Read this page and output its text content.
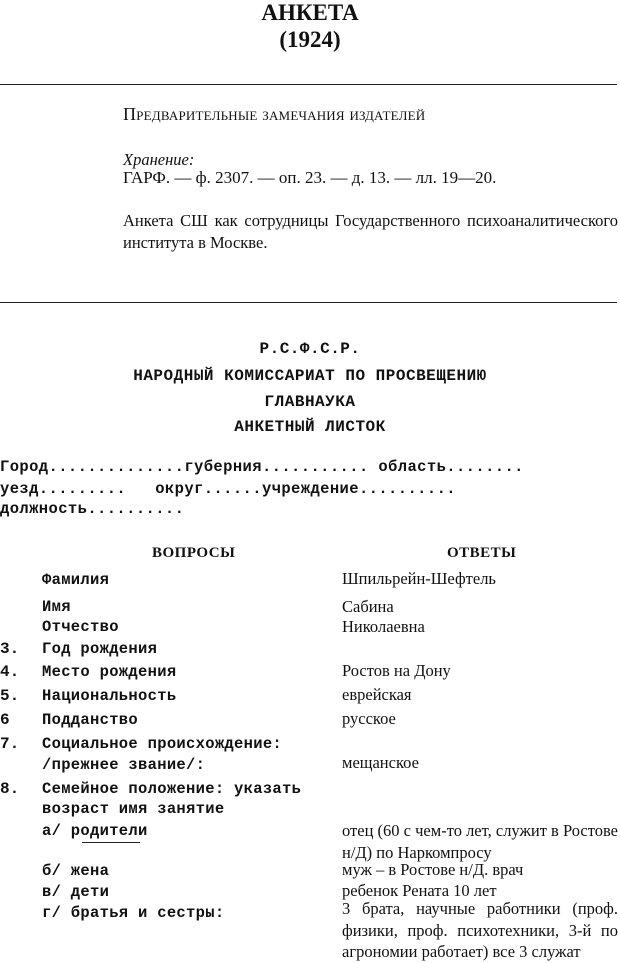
АНКЕТА
(1924)
Предварительные замечания издателей
Хранение:
ГАРФ. — ф. 2307. — оп. 23. — д. 13. — лл. 19—20.
Анкета СШ как сотрудницы Государственного психоаналитического института в Москве.
Р.С.Ф.С.Р.
НАРОДНЫЙ КОМИССАРИАТ ПО ПРОСВЕЩЕНИЮ
ГЛАВНАУКА
АНКЕТНЫЙ ЛИСТОК
Город..............губерния........... область........
уезд.........   округ......учреждение..........
должность..........
ВОПРОСЫ	ОТВЕТЫ
Фамилия	Шпильрейн-Шефтель
Имя	Сабина
Отчество	Николаевна
3. Год рождения
4. Место рождения	Ростов на Дону
5. Национальность	еврейская
6 Подданство	русское
7. Социальное происхождение:
/прежнее звание/:	мещанское
8. Семейное положение: указать
возраст имя занятие
а/ родители	отец (60 с чем-то лет, служит в Ростове н/Д) по Наркомпросу
б/ жена	муж – в Ростове н/Д. врач
в/ дети	ребенок Рената 10 лет
г/ братья и сестры:	3 брата, научные работники (проф. физики, проф. психотехники, 3-й по агрономии работает) все 3 служат
